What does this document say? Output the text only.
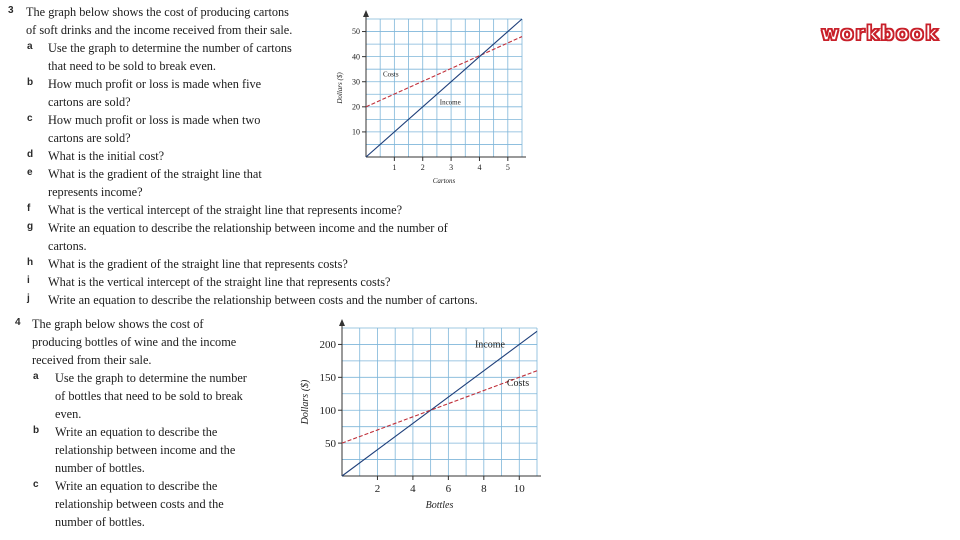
workbook
10
20
30
40
50
1	2	3	4	5
Cartons
Dollars ($)	Costs
Income
50
100
150
200
2	4	6	8 10
Bottles
Dollars ($)
Income
Costs
3 The graph below shows the cost of producing cartons
of soft drinks and the income received from their sale.
a Use the graph to determine the number of cartons
that need to be sold to break even.
b How much profit or loss is made when five
cartons are sold?
c How much profit or loss is made when two
cartons are sold?
d What is the initial cost?
e What is the gradient of the straight line that
represents income?
f What is the vertical intercept of the straight line that represents income?
g Write an equation to describe the relationship between income and the number of
cartons.
h What is the gradient of the straight line that represents costs?
i What is the vertical intercept of the straight line that represents costs?
j Write an equation to describe the relationship between costs and the number of cartons.
4 The graph below shows the cost of
producing bottles of wine and the income
received from their sale.
a Use the graph to determine the number
of bottles that need to be sold to break
even.
b Write an equation to describe the
relationship between income and the
number of bottles.
c Write an equation to describe the
relationship between costs and the
number of bottles.
